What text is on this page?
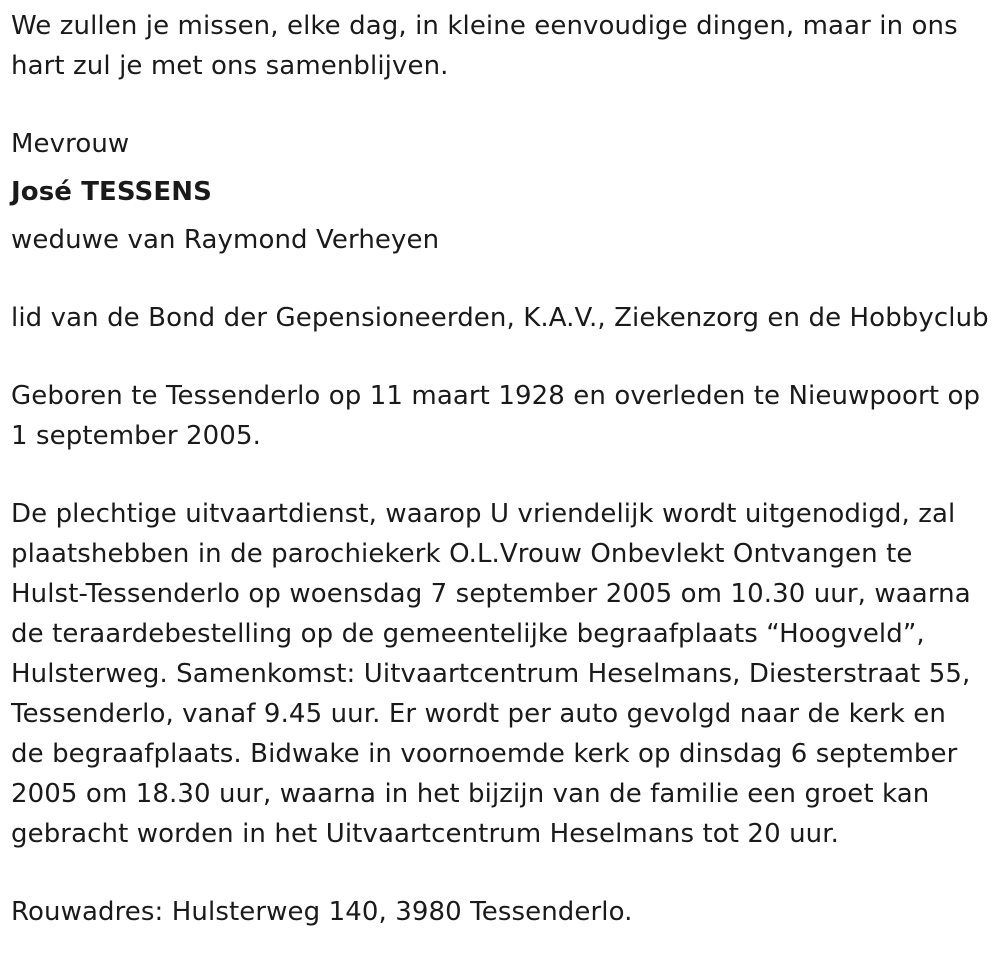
We zullen je missen, elke dag, in kleine eenvoudige dingen, maar in ons
hart zul je met ons samenblijven.

Mevrouw
José TESSENS
weduwe van Raymond Verheyen

lid van de Bond der Gepensioneerden, K.A.V., Ziekenzorg en de Hobbyclub

Geboren te Tessenderlo op 11 maart 1928 en overleden te Nieuwpoort op
1 september 2005.

De plechtige uitvaartdienst, waarop U vriendelijk wordt uitgenodigd, zal
plaatshebben in de parochiekerk O.L.Vrouw Onbevlekt Ontvangen te
Hulst-Tessenderlo op woensdag 7 september 2005 om 10.30 uur, waarna
de teraardebestelling op de gemeentelijke begraafplaats “Hoogveld”,
Hulsterweg. Samenkomst: Uitvaartcentrum Heselmans, Diesterstraat 55,
Tessenderlo, vanaf 9.45 uur. Er wordt per auto gevolgd naar de kerk en
de begraafplaats. Bidwake in voornoemde kerk op dinsdag 6 september
2005 om 18.30 uur, waarna in het bijzijn van de familie een groet kan
gebracht worden in het Uitvaartcentrum Heselmans tot 20 uur.

Rouwadres: Hulsterweg 140, 3980 Tessenderlo.
